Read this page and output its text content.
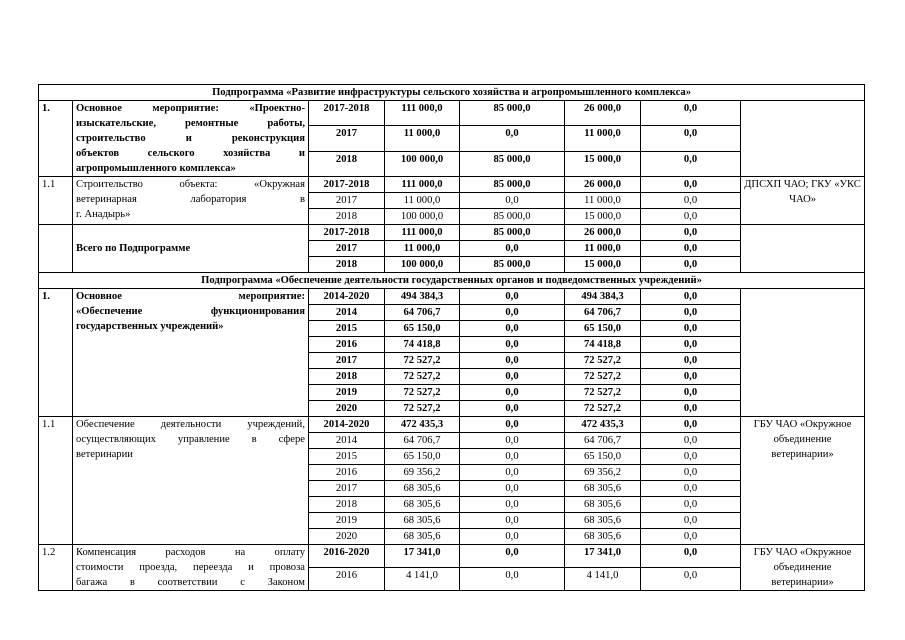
Подпрограмма «Развитие инфраструктуры сельского хозяйства и агропромышленного комплекса»							
1.	Основное мероприятие: «Проектно-
изыскательские, ремонтные работы,
строительство и реконструкция
объектов сельского хозяйства и
агропромышленного комплекса»	2017-2018	111 000,0	85 000,0	26 000,0	0,0	
		2017	11 000,0	0,0	11 000,0	0,0	
		2018	100 000,0	85 000,0	15 000,0	0,0	
1.1	Строительство объекта: «Окружная
ветеринарная лаборатория в
г. Анадырь»	2017-2018	111 000,0	85 000,0	26 000,0	0,0	ДПСХП ЧАО; ГКУ «УКС ЧАО»
		2017	11 000,0	0,0	11 000,0	0,0	
		2018	100 000,0	85 000,0	15 000,0	0,0	

	Всего по Подпрограмме	2017-2018	111 000,0	85 000,0	26 000,0	0,0	
		2017	11 000,0	0,0	11 000,0	0,0	
		2018	100 000,0	85 000,0	15 000,0	0,0	
Подпрограмма «Обеспечение деятельности государственных органов и подведомственных учреждений»							
1.	Основное мероприятие:
«Обеспечение функционирования
государственных учреждений»	2014-2020	494 384,3	0,0	494 384,3	0,0	
		2014	64 706,7	0,0	64 706,7	0,0	
		2015	65 150,0	0,0	65 150,0	0,0	
		2016	74 418,8	0,0	74 418,8	0,0	
		2017	72 527,2	0,0	72 527,2	0,0	
		2018	72 527,2	0,0	72 527,2	0,0	
		2019	72 527,2	0,0	72 527,2	0,0	
		2020	72 527,2	0,0	72 527,2	0,0	
1.1	Обеспечение деятельности учреждений,
осуществляющих управление в сфере
ветеринарии	2014-2020	472 435,3	0,0	472 435,3	0,0	ГБУ ЧАО «Окружное объединение ветеринарии»
		2014	64 706,7	0,0	64 706,7	0,0	
		2015	65 150,0	0,0	65 150,0	0,0	
		2016	69 356,2	0,0	69 356,2	0,0	
		2017	68 305,6	0,0	68 305,6	0,0	
		2018	68 305,6	0,0	68 305,6	0,0	
		2019	68 305,6	0,0	68 305,6	0,0	
		2020	68 305,6	0,0	68 305,6	0,0	
1.2	Компенсация расходов на оплату
стоимости проезда, переезда и провоза
багажа в соответствии с Законом	2016-2020	17 341,0	0,0	17 341,0	0,0	ГБУ ЧАО «Окружное объединение ветеринарии»
		2016	4 141,0	0,0	4 141,0	0,0	
